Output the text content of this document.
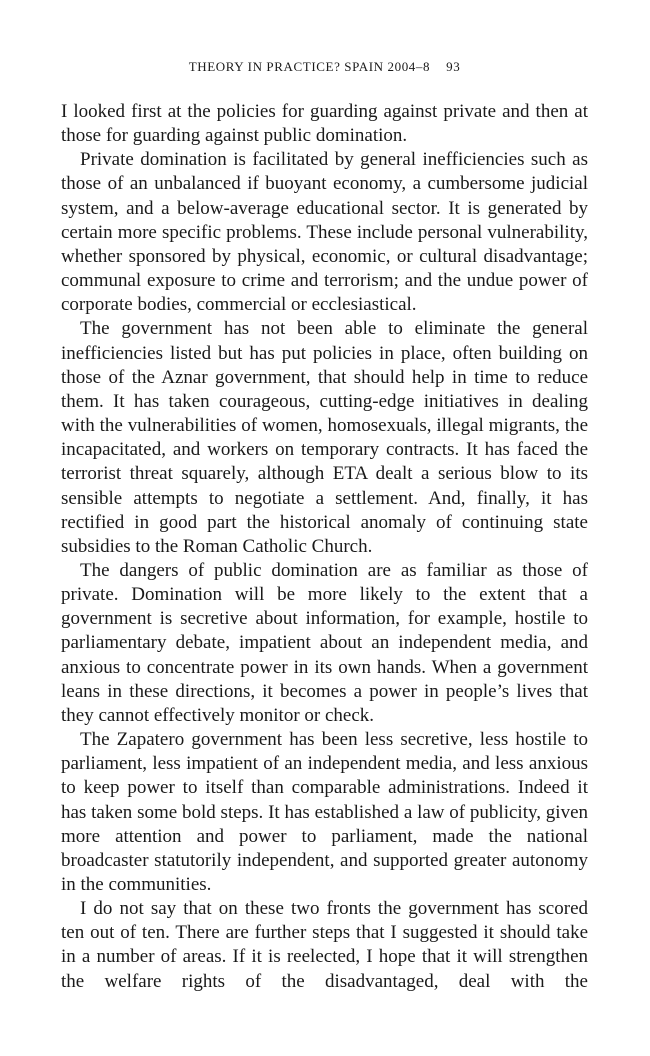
THEORY IN PRACTICE? SPAIN 2004–8 93

I looked first at the policies for guarding against private and then at those for guarding against public domination.

Private domination is facilitated by general inefficiencies such as those of an unbalanced if buoyant economy, a cumbersome judicial system, and a below-average educational sector. It is generated by certain more specific problems. These include personal vulnerability, whether sponsored by physical, economic, or cultural disadvantage; communal exposure to crime and terrorism; and the undue power of corporate bodies, commercial or ecclesiastical.

The government has not been able to eliminate the general inefficiencies listed but has put policies in place, often building on those of the Aznar government, that should help in time to reduce them. It has taken courageous, cutting-edge initiatives in dealing with the vulnerabilities of women, homosexuals, illegal migrants, the incapacitated, and workers on temporary contracts. It has faced the terrorist threat squarely, although ETA dealt a serious blow to its sensible attempts to negotiate a settlement. And, finally, it has rectified in good part the historical anomaly of continuing state subsidies to the Roman Catholic Church.

The dangers of public domination are as familiar as those of private. Domination will be more likely to the extent that a government is secretive about information, for example, hostile to parliamentary debate, impatient about an independent media, and anxious to concentrate power in its own hands. When a government leans in these directions, it becomes a power in people’s lives that they cannot effectively monitor or check.

The Zapatero government has been less secretive, less hostile to parliament, less impatient of an independent media, and less anxious to keep power to itself than comparable administrations. Indeed it has taken some bold steps. It has established a law of publicity, given more attention and power to parliament, made the national broadcaster statutorily independent, and supported greater autonomy in the communities.

I do not say that on these two fronts the government has scored ten out of ten. There are further steps that I suggested it should take in a number of areas. If it is reelected, I hope that it will strengthen the welfare rights of the disadvantaged, deal with the
